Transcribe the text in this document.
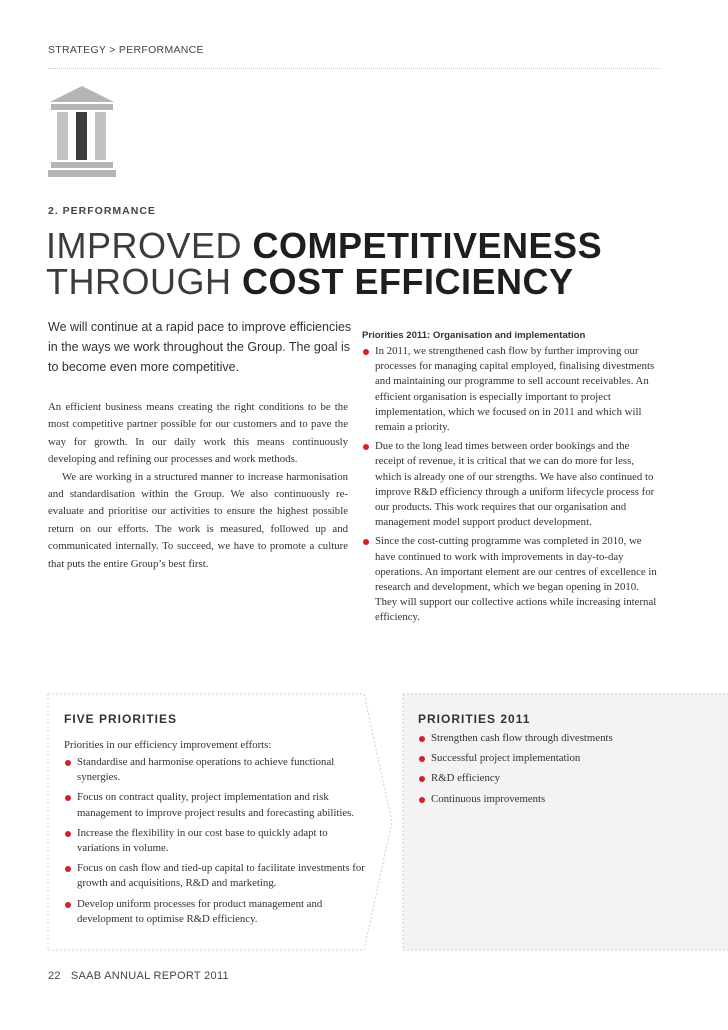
STRATEGY > PERFORMANCE
2. PERFORMANCE
IMPROVED COMPETITIVENESS
THROUGH COST EFFICIENCY

We will continue at a rapid pace to improve efficiencies in the ways we work throughout the Group. The goal is to become even more competitive.

An efficient business means creating the right conditions to be the most competitive partner possible for our customers and to pave the way for growth. In our daily work this means continuously developing and refining our processes and work methods.

We are working in a structured manner to increase harmonisation and standardisation within the Group. We also continuously re-evaluate and prioritise our activities to ensure the highest possible return on our efforts. The work is measured, followed up and communicated internally. To succeed, we have to promote a culture that puts the entire Group’s best first.

Priorities 2011: Organisation and implementation

In 2011, we strengthened cash flow by further improving our processes for managing capital employed, finalising divestments and maintaining our programme to sell account receivables. An efficient organisation is especially important to project implementation, which we focused on in 2011 and which will remain a priority.
Due to the long lead times between order bookings and the receipt of revenue, it is critical that we can do more for less, which is already one of our strengths. We have also continued to improve R&D efficiency through a uniform lifecycle process for our products. This work requires that our organisation and management model support product development.
Since the cost-cutting programme was completed in 2010, we have continued to work with improvements in day-to-day operations. An important element are our centres of excellence in research and development, which we began opening in 2010. They will support our collective actions while increasing internal efficiency.
FIVE PRIORITIES

Priorities in our efficiency improvement efforts:

Standardise and harmonise operations to achieve functional synergies.
Focus on contract quality, project implementation and risk management to improve project results and forecasting abilities.
Increase the flexibility in our cost base to quickly adapt to variations in volume.
Focus on cash flow and tied-up capital to facilitate investments for growth and acquisitions, R&D and marketing.
Develop uniform processes for product management and development to optimise R&D efficiency.
PRIORITIES 2011
Strengthen cash flow through divestments
Successful project implementation
R&D efficiency
Continuous improvements
22 SAAB ANNUAL REPORT 2011
